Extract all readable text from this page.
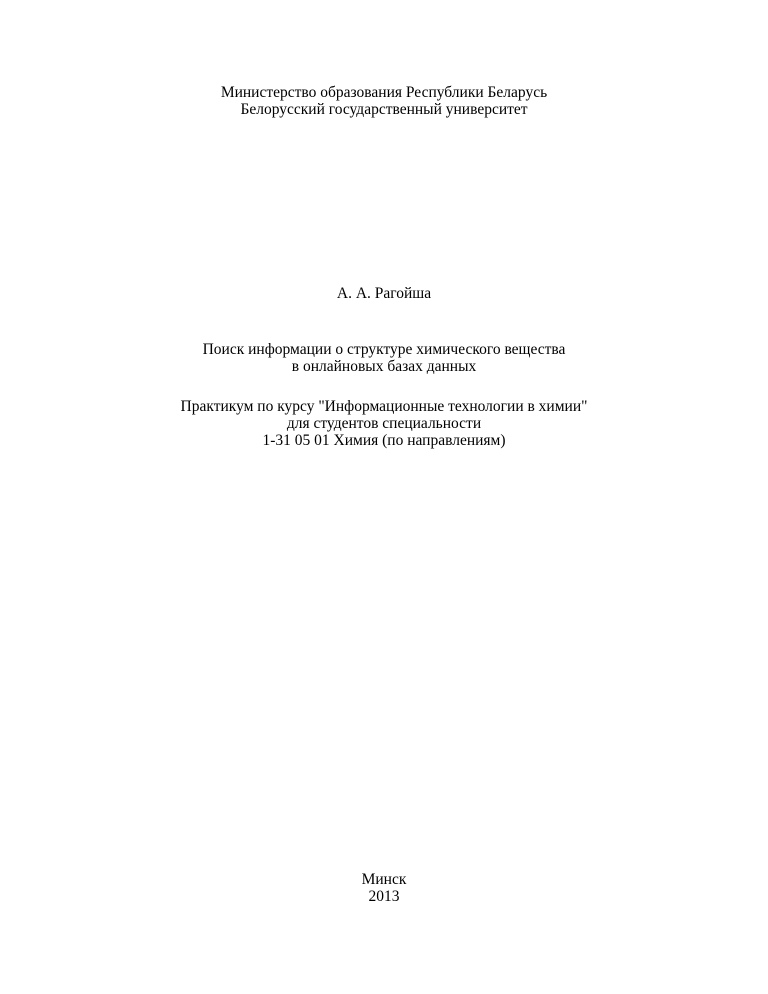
Министерство образования Республики Беларусь
Белорусский государственный университет
А. А. Рагойша
Поиск информации о структуре химического вещества
в онлайновых базах данных
Практикум по курсу "Информационные технологии в химии"
для студентов специальности
1-31 05 01 Химия (по направлениям)
Минск
2013
